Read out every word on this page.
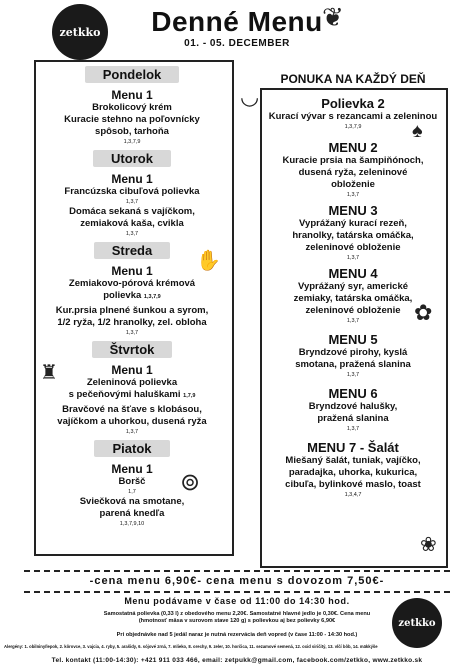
zetkko	Denné Menu
01. - 05. DECEMBER
❦
◡
♠
✿
✋
♜
⊚
❀
Pondelok
Menu 1
Brokolicový krém
Kuracie stehno na poľovnícky
spôsob, tarhoňa
1,3,7,9
Utorok
Menu 1
Francúzska cibuľová polievka
1,3,7
Domáca sekaná s vajíčkom,
zemiaková kaša, cvikla
1,3,7
Streda
Menu 1
Zemiakovo-pórová krémová
polievka 1,3,7,9
Kur.prsia plnené šunkou a syrom,
1/2 ryža, 1/2 hranolky, zel. obloha
1,3,7
Štvrtok
Menu 1
Zeleninová polievka
s pečeňovými haluškami 1,7,9
Bravčové na šťave s klobásou,
vajíčkom a uhorkou, dusená ryža
1,3,7
Piatok
Menu 1
Boršč
1,7
Sviečková na smotane,
parená knedľa
1,3,7,9,10
PONUKA NA KAŽDÝ DEŇ
Polievka 2
Kurací vývar s rezancami a zeleninou
1,3,7,9
MENU 2
Kuracie prsia na šampiňónoch,
dusená ryža, zeleninové
obloženie
1,3,7
MENU 3
Vyprážaný kurací rezeň,
hranolky, tatárska omáčka,
zeleninové obloženie
1,3,7
MENU 4
Vyprážaný syr, americké
zemiaky, tatárska omáčka,
zeleninové obloženie
1,3,7
MENU 5
Bryndzové pirohy, kyslá
smotana, pražená slanina
1,3,7
MENU 6
Bryndzové halušky,
pražená slanina
1,3,7
MENU 7 - Šalát
Miešaný šalát, tuniak, vajíčko,
paradajka, uhorka, kukurica,
cibuľa, bylinkové maslo, toast
1,3,4,7
-cena menu 6,90€- cena menu s dovozom 7,50€-
Menu podávame v čase od 11:00 do 14:30 hod.
Samostatná polievka (0,33 l) z obedového menu 2,20€. Samostatné hlavné jedlo je 0,30€. Cena menu
(hmotnosť mäsa v surovom stave 120 g) s polievkou aj bez polievky 6,90€
Pri objednávke nad 5 jedál naraz je nutná rezervácia deň vopred (v čase 11:00 - 14:30 hod.)
zetkko
Alergény: 1. obilniny/lepok, 2. kôrovce, 3. vajcia, 4. ryby, 5. arašidy, 6. sójové zrná, 7. mlieko, 8. orechy, 9. zeler, 10. horčica, 11. sezamové semená, 12. oxid siričitý, 13. vlčí bôb, 14. mäkkýše
Tel. kontakt (11:00-14:30): +421 911 033 466, email: zetpukk@gmail.com, facebook.com/zetkko, www.zetkko.sk
